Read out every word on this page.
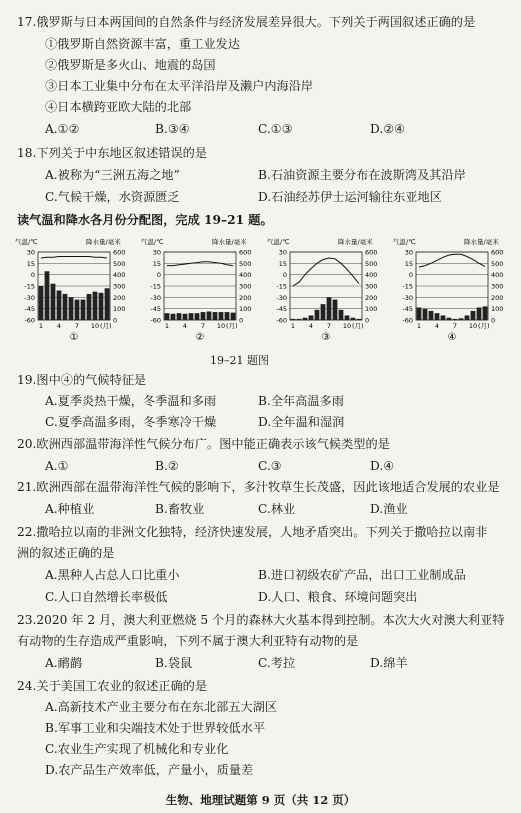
17.俄罗斯与日本两国间的自然条件与经济发展差异很大。下列关于两国叙述正确的是
①俄罗斯自然资源丰富，重工业发达
②俄罗斯是多火山、地震的岛国
③日本工业集中分布在太平洋沿岸及濑户内海沿岸
④日本横跨亚欧大陆的北部
A.①②	B.③④	C.①③	D.②④
18.下列关于中东地区叙述错误的是
A.被称为“三洲五海之地”	B.石油资源主要分布在波斯湾及其沿岸
C.气候干燥，水资源匮乏	D.石油经苏伊士运河输往东亚地区
读气温和降水各月份分配图，完成 19–21 题。
气温/℃	降水量/毫米
30
15
0
-15
-30
-45
-60
600
500
400
300
200
100
0
1 4 7 10 (月)
①
气温/℃	降水量/毫米
30
15
0
-15
-30
-45
-60
600
500
400
300
200
100
0
1 4 7 10 (月)
②
气温/℃	降水量/毫米
30
15
0
-15
-30
-45
-60
600
500
400
300
200
100
0
1 4 7 10 (月)
③
气温/℃	降水量/毫米
30
15
0
-15
-30
-45
-60
600
500
400
300
200
100
0
1 4 7 10 (月)
④
19–21 题图
19.图中④的气候特征是
A.夏季炎热干燥，冬季温和多雨	B.全年高温多雨
C.夏季高温多雨，冬季寒冷干燥	D.全年温和湿润
20.欧洲西部温带海洋性气候分布广。图中能正确表示该气候类型的是
A.①	B.②	C.③	D.④
21.欧洲西部在温带海洋性气候的影响下，多汁牧草生长茂盛，因此该地适合发展的农业是
A.种植业	B.畜牧业	C.林业	D.渔业
22.撒哈拉以南的非洲文化独特，经济快速发展，人地矛盾突出。下列关于撒哈拉以南非
洲的叙述正确的是
A.黑种人占总人口比重小	B.进口初级农矿产品，出口工业制成品
C.人口自然增长率极低	D.人口、粮食、环境问题突出
23.2020 年 2 月，澳大利亚燃烧 5 个月的森林大火基本得到控制。本次大火对澳大利亚特
有动物的生存造成严重影响，下列不属于澳大利亚特有动物的是
A.鸸鹋	B.袋鼠	C.考拉	D.绵羊
24.关于美国工农业的叙述正确的是
A.高新技术产业主要分布在东北部五大湖区
B.军事工业和尖端技术处于世界较低水平
C.农业生产实现了机械化和专业化
D.农产品生产效率低，产量小，质量差
生物、地理试题第 9 页（共 12 页）
